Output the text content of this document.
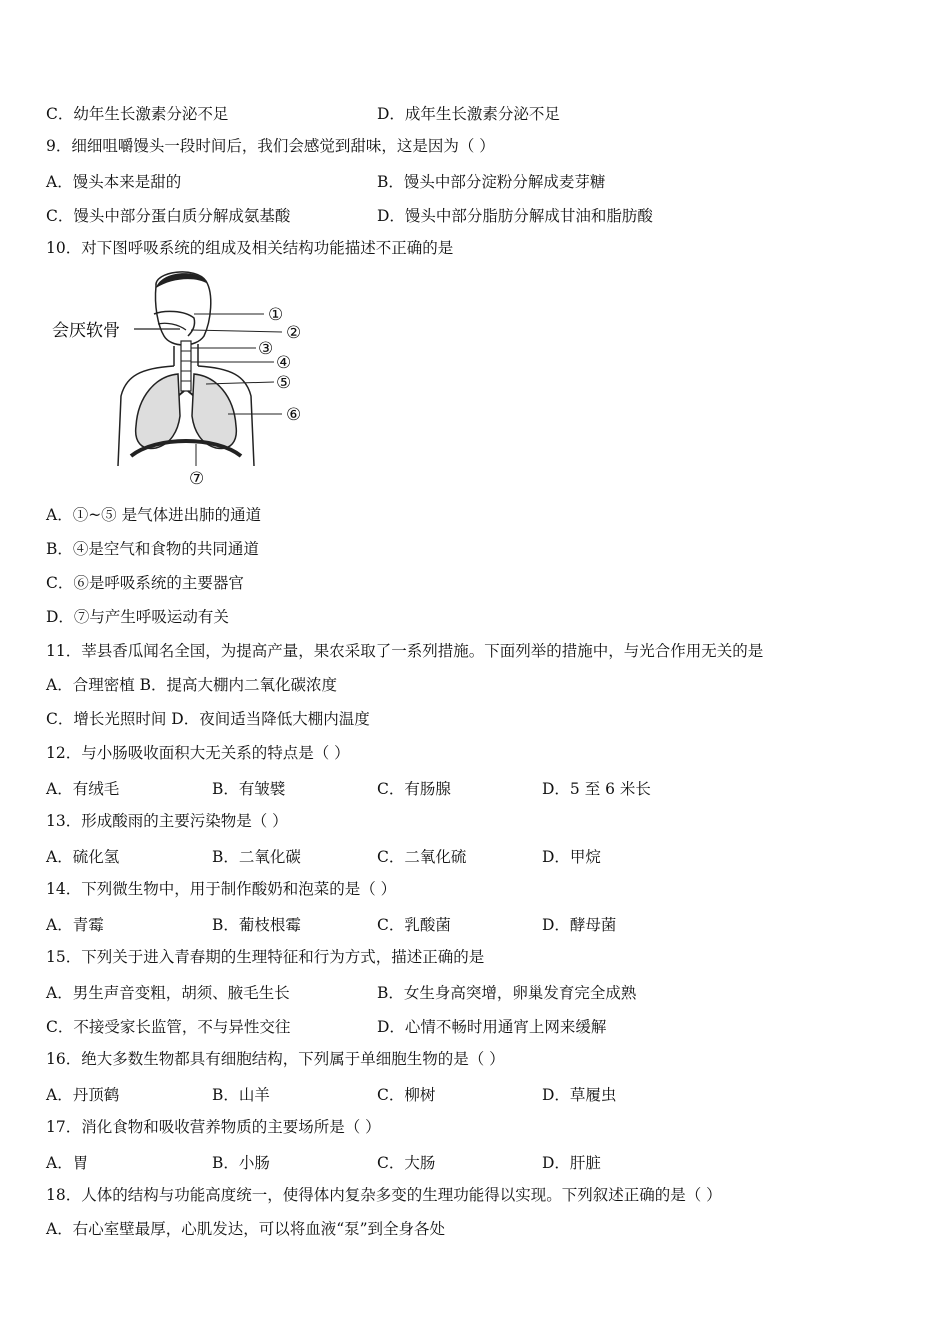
C．幼年生长激素分泌不足	D．成年生长激素分泌不足
9．细细咀嚼馒头一段时间后，我们会感觉到甜味，这是因为（ ）
A．馒头本来是甜的	B．馒头中部分淀粉分解成麦芽糖
C．馒头中部分蛋白质分解成氨基酸	D．馒头中部分脂肪分解成甘油和脂肪酸
10．对下图呼吸系统的组成及相关结构功能描述不正确的是
会厌软骨
①
②
③
④
⑤
⑥
⑦
A．①~⑤ 是气体进出肺的通道
B．④是空气和食物的共同通道
C．⑥是呼吸系统的主要器官
D．⑦与产生呼吸运动有关
11．莘县香瓜闻名全国，为提高产量，果农采取了一系列措施。下面列举的措施中，与光合作用无关的是
A．合理密植 B．提高大棚内二氧化碳浓度
C．增长光照时间 D．夜间适当降低大棚内温度
12．与小肠吸收面积大无关系的特点是（ ）
A．有绒毛	B．有皱襞	C．有肠腺	D．5 至 6 米长
13．形成酸雨的主要污染物是（ ）
A．硫化氢	B．二氧化碳	C．二氧化硫	D．甲烷
14．下列微生物中，用于制作酸奶和泡菜的是（ ）
A．青霉	B．葡枝根霉	C．乳酸菌	D．酵母菌
15．下列关于进入青春期的生理特征和行为方式，描述正确的是
A．男生声音变粗，胡须、腋毛生长	B．女生身高突增，卵巢发育完全成熟
C．不接受家长监管，不与异性交往	D．心情不畅时用通宵上网来缓解
16．绝大多数生物都具有细胞结构，下列属于单细胞生物的是（ ）
A．丹顶鹤	B．山羊	C．柳树	D．草履虫
17．消化食物和吸收营养物质的主要场所是（ ）
A．胃	B．小肠	C．大肠	D．肝脏
18．人体的结构与功能高度统一，使得体内复杂多变的生理功能得以实现。下列叙述正确的是（ ）
A．右心室壁最厚，心肌发达，可以将血液“泵”到全身各处
